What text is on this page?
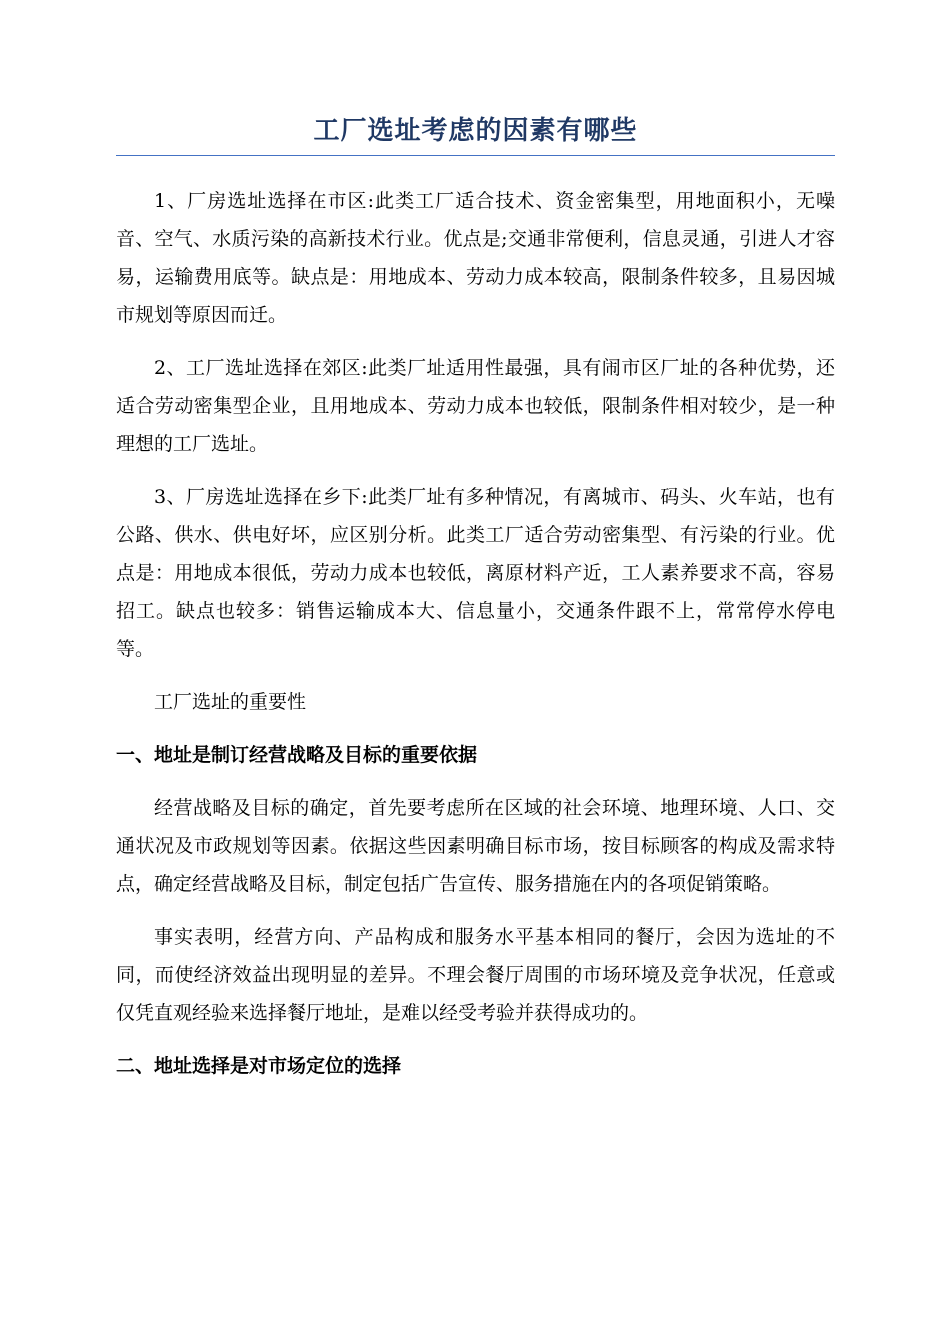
工厂选址考虑的因素有哪些

1、厂房选址选择在市区:此类工厂适合技术、资金密集型，用地面积小，无噪音、空气、水质污染的高新技术行业。优点是;交通非常便利，信息灵通，引进人才容易，运输费用底等。缺点是：用地成本、劳动力成本较高，限制条件较多，且易因城市规划等原因而迁。

2、工厂选址选择在郊区:此类厂址适用性最强，具有闹市区厂址的各种优势，还适合劳动密集型企业，且用地成本、劳动力成本也较低，限制条件相对较少，是一种理想的工厂选址。

3、厂房选址选择在乡下:此类厂址有多种情况，有离城市、码头、火车站，也有公路、供水、供电好坏，应区别分析。此类工厂适合劳动密集型、有污染的行业。优点是：用地成本很低，劳动力成本也较低，离原材料产近，工人素养要求不高，容易招工。缺点也较多：销售运输成本大、信息量小，交通条件跟不上，常常停水停电等。

工厂选址的重要性

一、地址是制订经营战略及目标的重要依据

经营战略及目标的确定，首先要考虑所在区域的社会环境、地理环境、人口、交通状况及市政规划等因素。依据这些因素明确目标市场，按目标顾客的构成及需求特点，确定经营战略及目标，制定包括广告宣传、服务措施在内的各项促销策略。

事实表明，经营方向、产品构成和服务水平基本相同的餐厅，会因为选址的不同，而使经济效益出现明显的差异。不理会餐厅周围的市场环境及竞争状况，任意或仅凭直观经验来选择餐厅地址，是难以经受考验并获得成功的。

二、地址选择是对市场定位的选择
